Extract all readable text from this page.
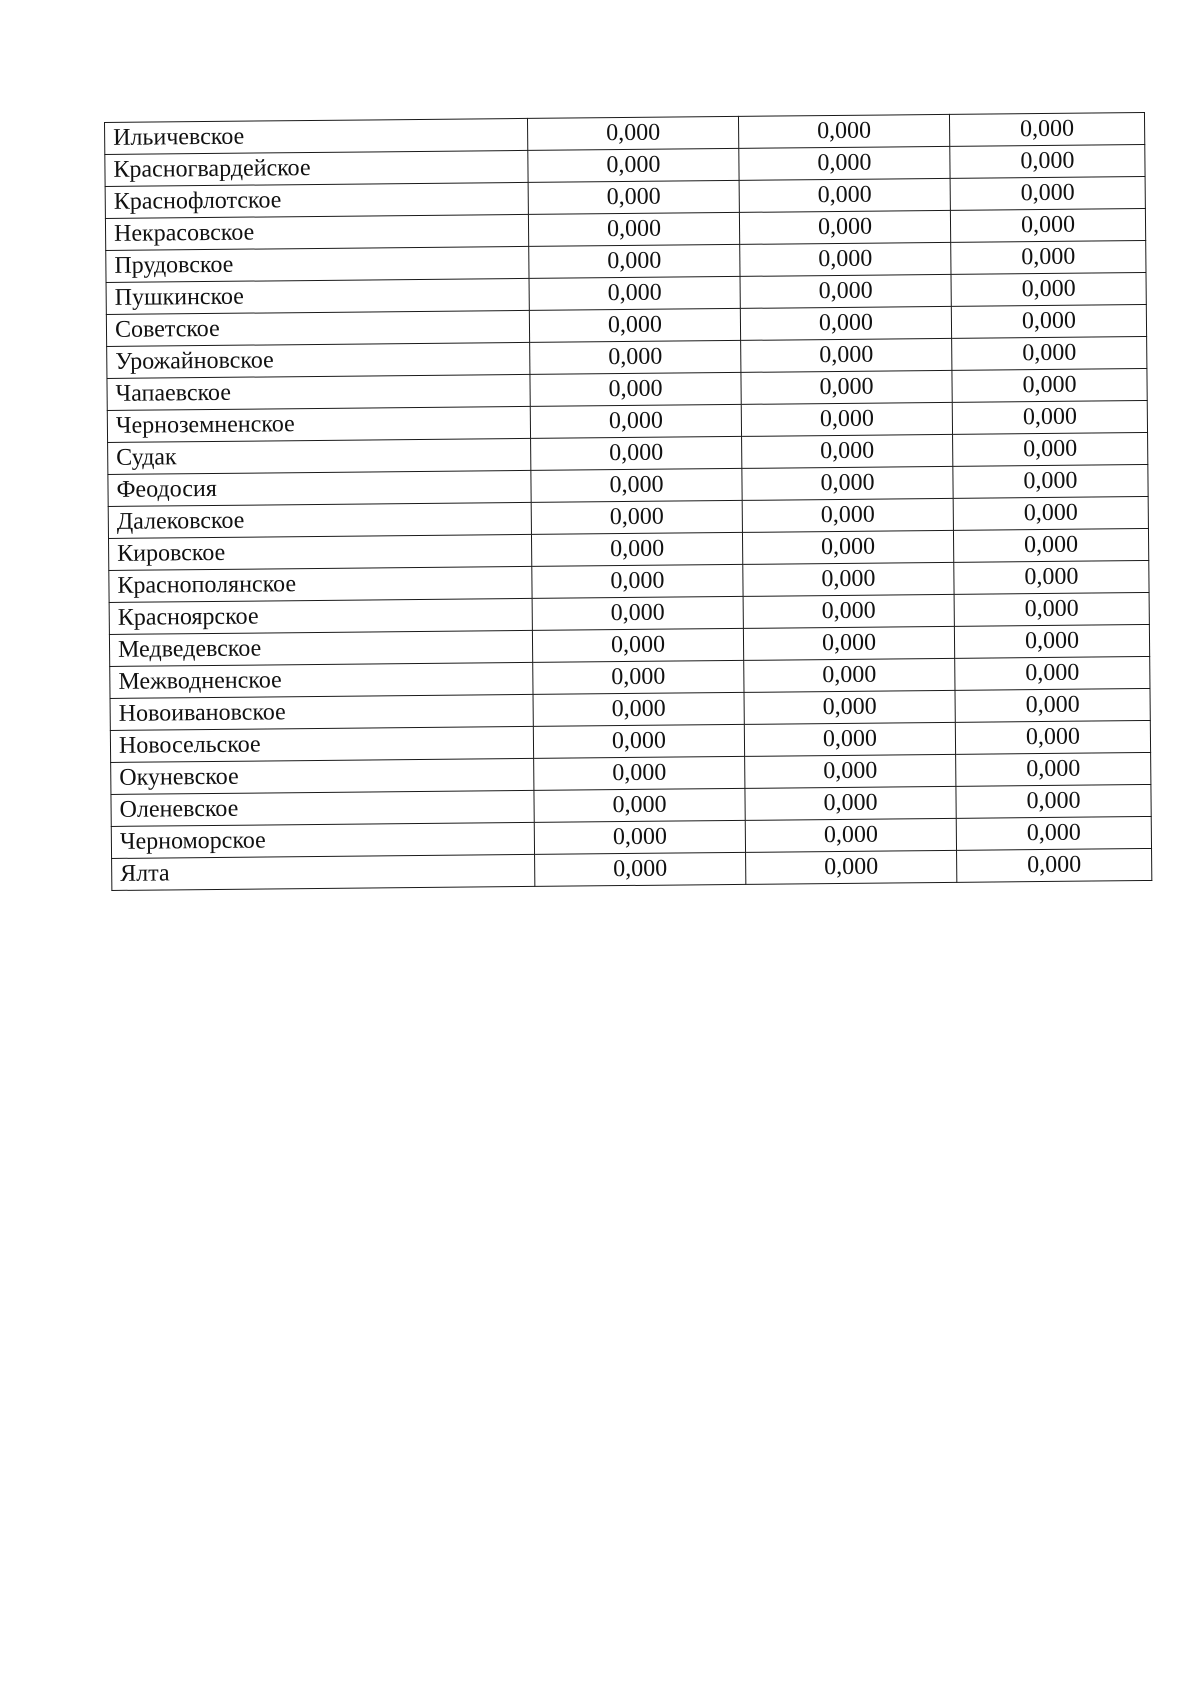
Ильичевское	0,000	0,000	0,000
Красногвардейское	0,000	0,000	0,000
Краснофлотское	0,000	0,000	0,000
Некрасовское	0,000	0,000	0,000
Прудовское	0,000	0,000	0,000
Пушкинское	0,000	0,000	0,000
Советское	0,000	0,000	0,000
Урожайновское	0,000	0,000	0,000
Чапаевское	0,000	0,000	0,000
Черноземненское	0,000	0,000	0,000
Судак	0,000	0,000	0,000
Феодосия	0,000	0,000	0,000
Далековское	0,000	0,000	0,000
Кировское	0,000	0,000	0,000
Краснополянское	0,000	0,000	0,000
Красноярское	0,000	0,000	0,000
Медведевское	0,000	0,000	0,000
Межводненское	0,000	0,000	0,000
Новоивановское	0,000	0,000	0,000
Новосельское	0,000	0,000	0,000
Окуневское	0,000	0,000	0,000
Оленевское	0,000	0,000	0,000
Черноморское	0,000	0,000	0,000
Ялта	0,000	0,000	0,000
